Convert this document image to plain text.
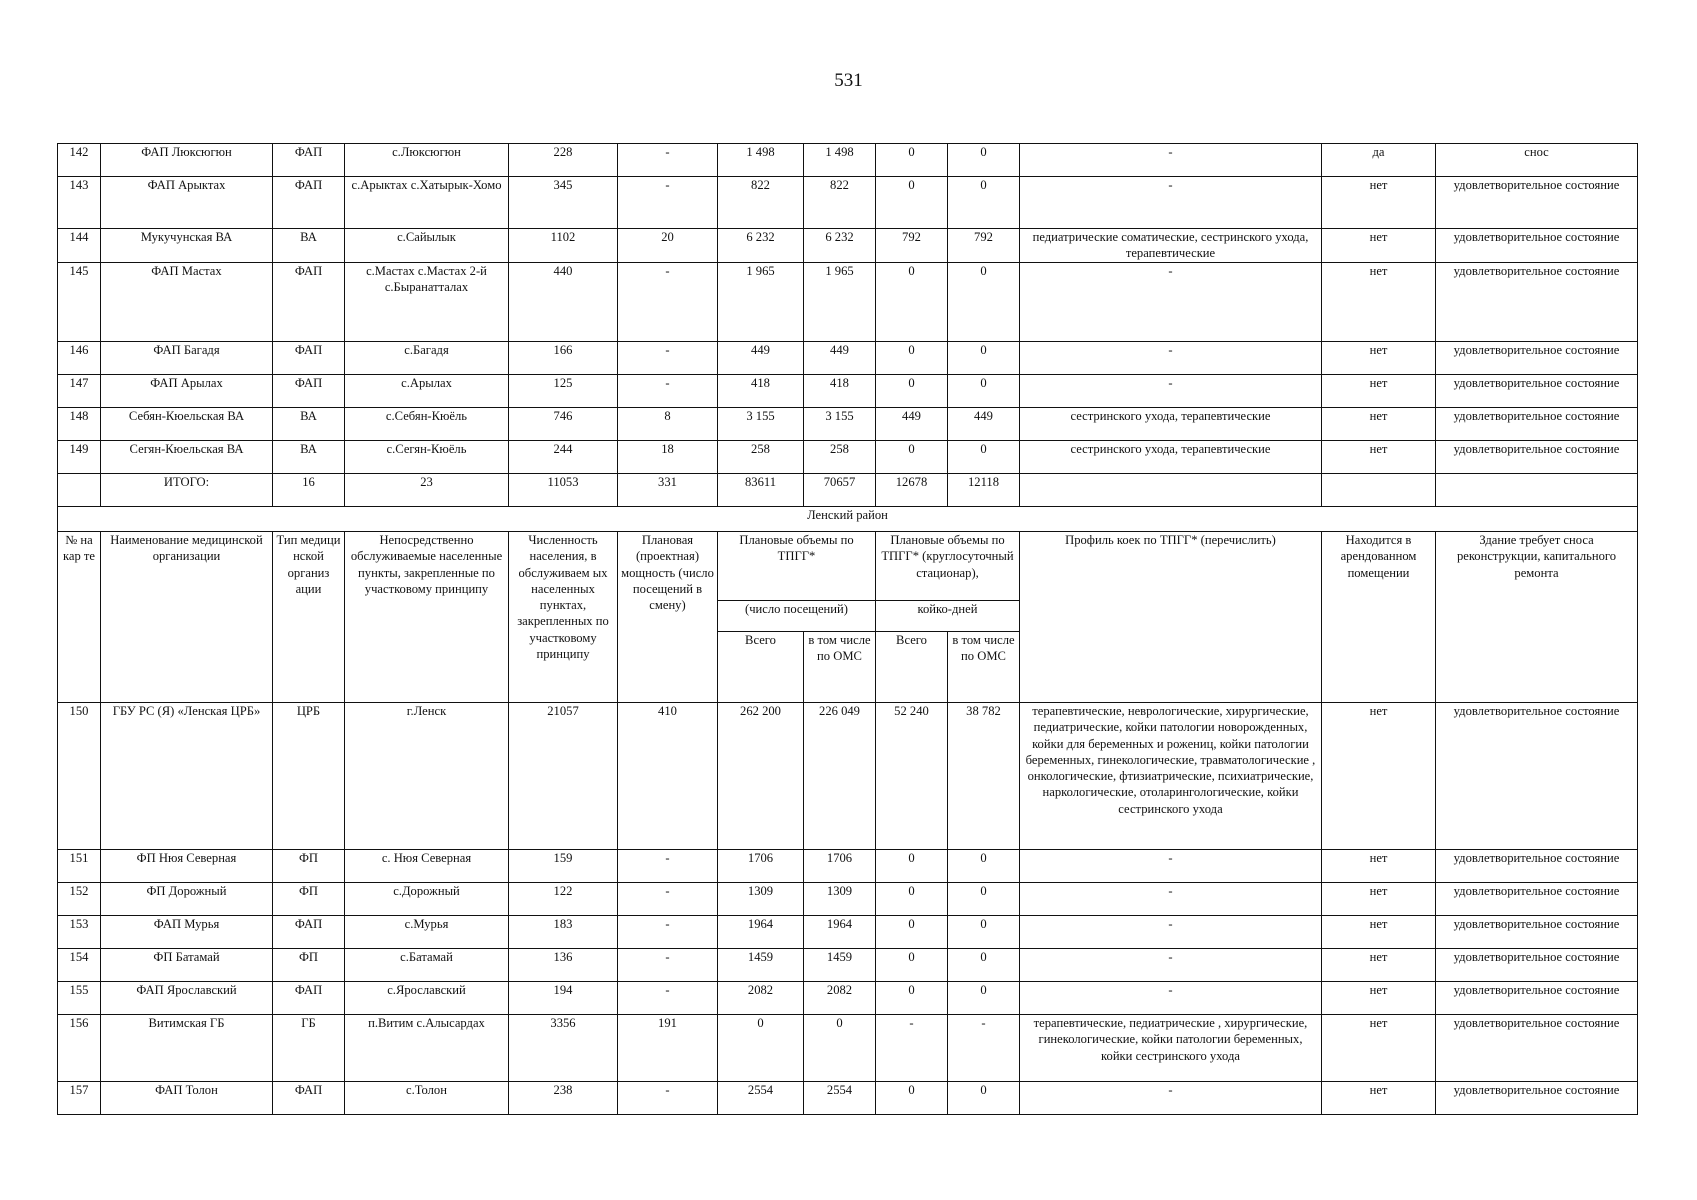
531
142	ФАП Люксюгюн	ФАП	с.Люксюгюн	228	-	1 498	1 498	0	0	-	да	снос
143	ФАП Арыктах	ФАП	с.Арыктах с.Хатырык-Хомо	345	-	822	822	0	0	-	нет	удовлетворительное состояние
144	Мукучунская ВА	ВА	с.Сайылык	1102	20	6 232	6 232	792	792	педиатрические соматические, сестринского ухода, терапевтические	нет	удовлетворительное состояние
145	ФАП Мастах	ФАП	с.Мастах с.Мастах 2-й с.Быранатталах	440	-	1 965	1 965	0	0	-	нет	удовлетворительное состояние
146	ФАП Багадя	ФАП	с.Багадя	166	-	449	449	0	0	-	нет	удовлетворительное состояние
147	ФАП Арылах	ФАП	с.Арылах	125	-	418	418	0	0	-	нет	удовлетворительное состояние
148	Себян-Кюельская ВА	ВА	с.Себян-Кюёль	746	8	3 155	3 155	449	449	сестринского ухода, терапевтические	нет	удовлетворительное состояние
149	Сегян-Кюельская ВА	ВА	с.Сегян-Кюёль	244	18	258	258	0	0	сестринского ухода, терапевтические	нет	удовлетворительное состояние
	ИТОГО:	16	23	11053	331	83611	70657	12678	12118			
Ленский район												
№ на кар те	Наименование медицинской организации	Тип медици нской организ ации	Непосредственно обслуживаемые населенные пункты, закрепленные по участковому принципу	Численность населения, в обслуживаем ых населенных пунктах, закрепленных по участковому принципу	Плановая (проектная) мощность (число посещений в смену)	Плановые объемы по ТПГГ*		Плановые объемы по ТПГГ* (круглосуточный стационар),		Профиль коек по ТПГГ* (перечислить)	Находится в арендованном помещении	Здание требует сноса реконструкции, капитального ремонта
						(число посещений)		койко-дней				
						Всего	в том числе по ОМС	Всего	в том числе по ОМС			
150	ГБУ РС (Я) «Ленская ЦРБ»	ЦРБ	г.Ленск	21057	410	262 200	226 049	52 240	38 782	терапевтические, неврологические, хирургические, педиатрические, койки патологии новорожденных, койки для беременных и рожениц, койки патологии беременных, гинекологические, травматологические , онкологические, фтизиатрические, психиатрические, наркологические, отоларингологические, койки сестринского ухода	нет	удовлетворительное состояние
151	ФП Нюя Северная	ФП	с. Нюя Северная	159	-	1706	1706	0	0	-	нет	удовлетворительное состояние
152	ФП Дорожный	ФП	с.Дорожный	122	-	1309	1309	0	0	-	нет	удовлетворительное состояние
153	ФАП Мурья	ФАП	с.Мурья	183	-	1964	1964	0	0	-	нет	удовлетворительное состояние
154	ФП Батамай	ФП	с.Батамай	136	-	1459	1459	0	0	-	нет	удовлетворительное состояние
155	ФАП Ярославский	ФАП	с.Ярославский	194	-	2082	2082	0	0	-	нет	удовлетворительное состояние
156	Витимская ГБ	ГБ	п.Витим с.Алысардах	3356	191	0	0	-	-	терапевтические, педиатрические , хирургические, гинекологические, койки патологии беременных, койки сестринского ухода	нет	удовлетворительное состояние
157	ФАП Толон	ФАП	с.Толон	238	-	2554	2554	0	0	-	нет	удовлетворительное состояние
